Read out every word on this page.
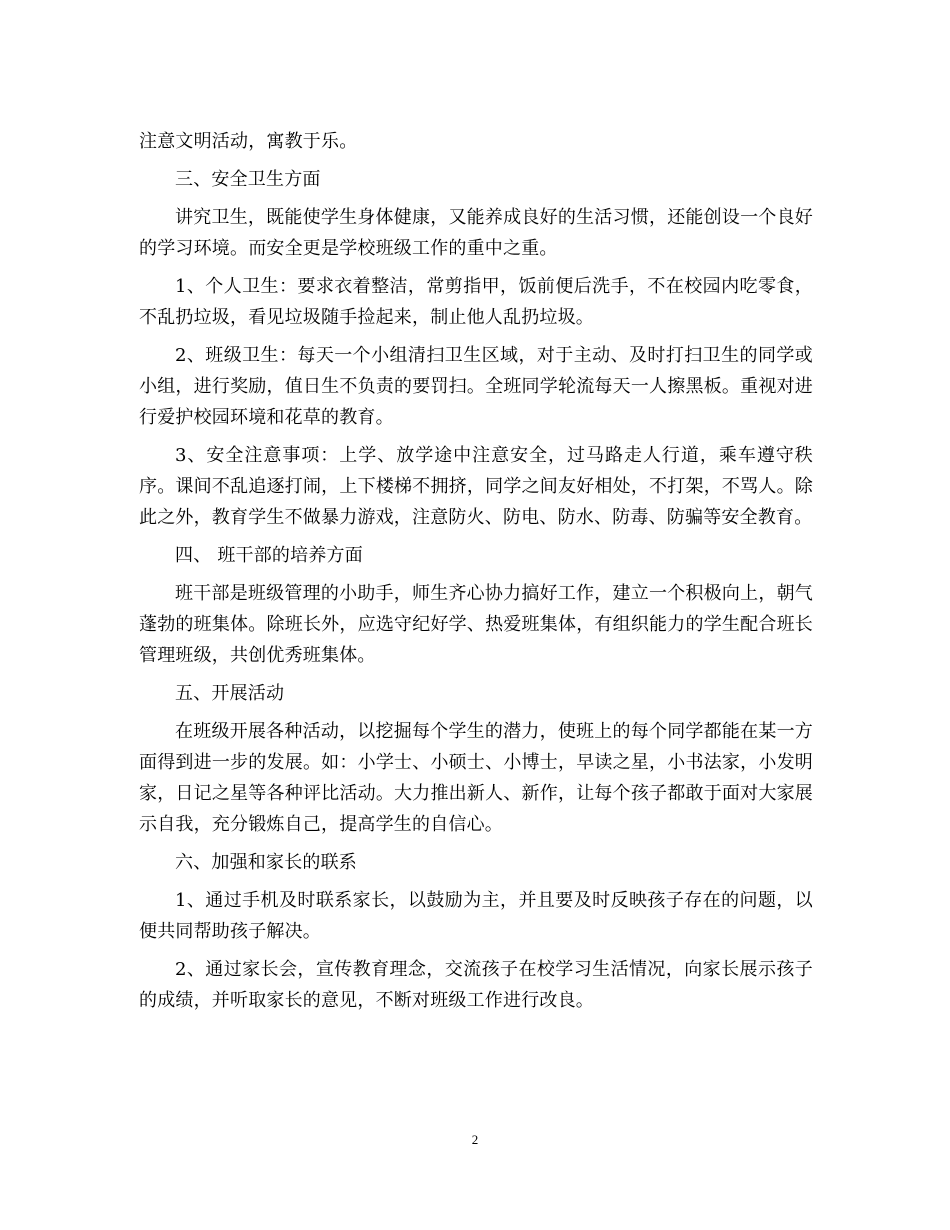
注意文明活动，寓教于乐。

三、安全卫生方面

讲究卫生，既能使学生身体健康，又能养成良好的生活习惯，还能创设一个良好的学习环境。而安全更是学校班级工作的重中之重。

1、个人卫生：要求衣着整洁，常剪指甲，饭前便后洗手，不在校园内吃零食，不乱扔垃圾，看见垃圾随手捡起来，制止他人乱扔垃圾。

2、班级卫生：每天一个小组清扫卫生区域，对于主动、及时打扫卫生的同学或小组，进行奖励，值日生不负责的要罚扫。全班同学轮流每天一人擦黑板。重视对进行爱护校园环境和花草的教育。

3、安全注意事项：上学、放学途中注意安全，过马路走人行道，乘车遵守秩序。课间不乱追逐打闹，上下楼梯不拥挤，同学之间友好相处，不打架，不骂人。除此之外，教育学生不做暴力游戏，注意防火、防电、防水、防毒、防骗等安全教育。

四、 班干部的培养方面

班干部是班级管理的小助手，师生齐心协力搞好工作，建立一个积极向上，朝气蓬勃的班集体。除班长外，应选守纪好学、热爱班集体，有组织能力的学生配合班长管理班级，共创优秀班集体。

五、开展活动

在班级开展各种活动，以挖掘每个学生的潜力，使班上的每个同学都能在某一方面得到进一步的发展。如：小学士、小硕士、小博士，早读之星，小书法家，小发明家，日记之星等各种评比活动。大力推出新人、新作，让每个孩子都敢于面对大家展示自我，充分锻炼自己，提高学生的自信心。

六、加强和家长的联系

1、通过手机及时联系家长，以鼓励为主，并且要及时反映孩子存在的问题，以便共同帮助孩子解决。

2、通过家长会，宣传教育理念，交流孩子在校学习生活情况，向家长展示孩子的成绩，并听取家长的意见，不断对班级工作进行改良。

2
